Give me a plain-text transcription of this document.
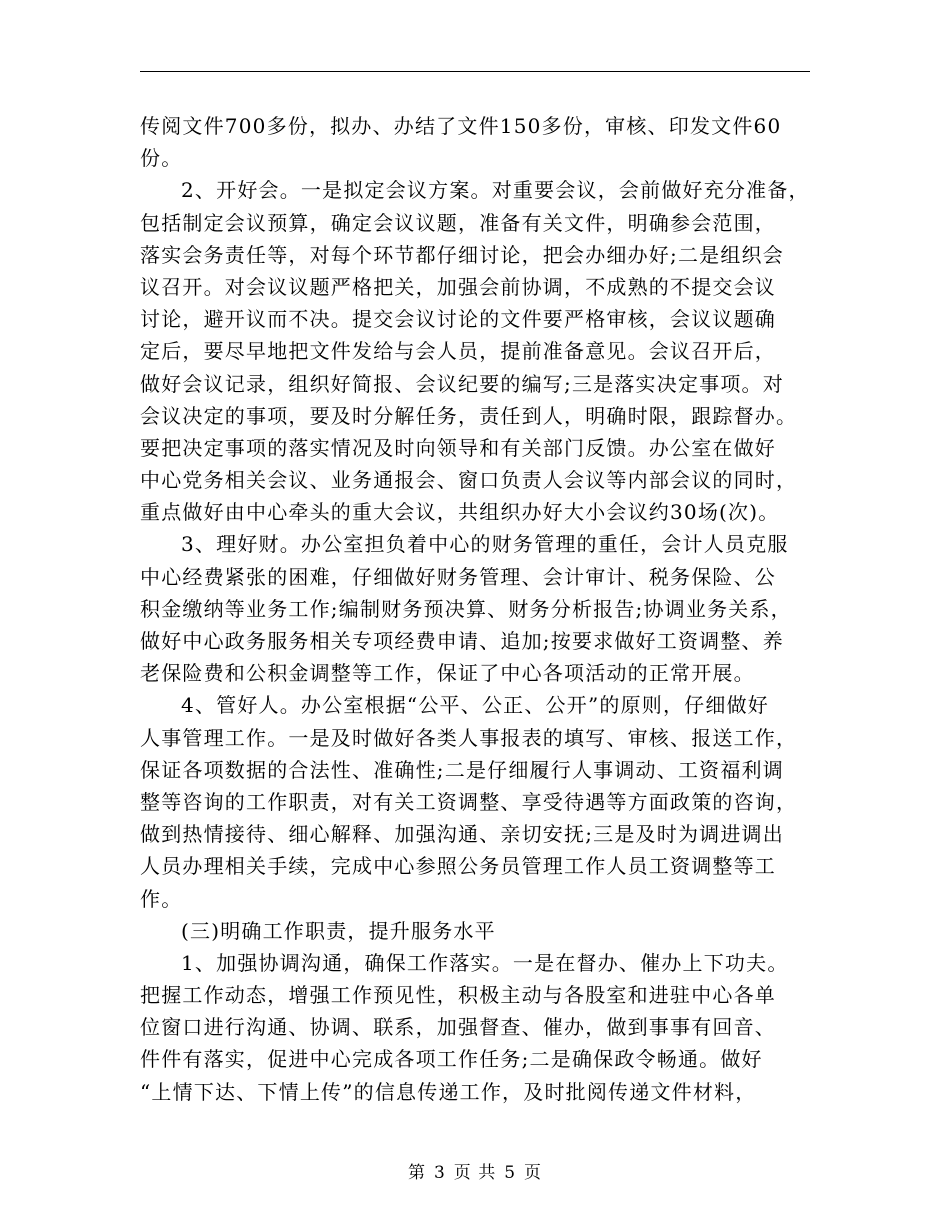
传阅文件700多份，拟办、办结了文件150多份，审核、印发文件60
份。
2、开好会。一是拟定会议方案。对重要会议，会前做好充分准备，
包括制定会议预算，确定会议议题，准备有关文件，明确参会范围，
落实会务责任等，对每个环节都仔细讨论，把会办细办好;二是组织会
议召开。对会议议题严格把关，加强会前协调，不成熟的不提交会议
讨论，避开议而不决。提交会议讨论的文件要严格审核，会议议题确
定后，要尽早地把文件发给与会人员，提前准备意见。会议召开后，
做好会议记录，组织好简报、会议纪要的编写;三是落实决定事项。对
会议决定的事项，要及时分解任务，责任到人，明确时限，跟踪督办。
要把决定事项的落实情况及时向领导和有关部门反馈。办公室在做好
中心党务相关会议、业务通报会、窗口负责人会议等内部会议的同时，
重点做好由中心牵头的重大会议，共组织办好大小会议约30场(次)。
3、理好财。办公室担负着中心的财务管理的重任，会计人员克服
中心经费紧张的困难，仔细做好财务管理、会计审计、税务保险、公
积金缴纳等业务工作;编制财务预决算、财务分析报告;协调业务关系，
做好中心政务服务相关专项经费申请、追加;按要求做好工资调整、养
老保险费和公积金调整等工作，保证了中心各项活动的正常开展。
4、管好人。办公室根据“公平、公正、公开”的原则，仔细做好
人事管理工作。一是及时做好各类人事报表的填写、审核、报送工作，
保证各项数据的合法性、准确性;二是仔细履行人事调动、工资福利调
整等咨询的工作职责，对有关工资调整、享受待遇等方面政策的咨询，
做到热情接待、细心解释、加强沟通、亲切安抚;三是及时为调进调出
人员办理相关手续，完成中心参照公务员管理工作人员工资调整等工
作。
(三)明确工作职责，提升服务水平
1、加强协调沟通，确保工作落实。一是在督办、催办上下功夫。
把握工作动态，增强工作预见性，积极主动与各股室和进驻中心各单
位窗口进行沟通、协调、联系，加强督查、催办，做到事事有回音、
件件有落实，促进中心完成各项工作任务;二是确保政令畅通。做好
“上情下达、下情上传”的信息传递工作，及时批阅传递文件材料，
第 3 页 共 5 页
